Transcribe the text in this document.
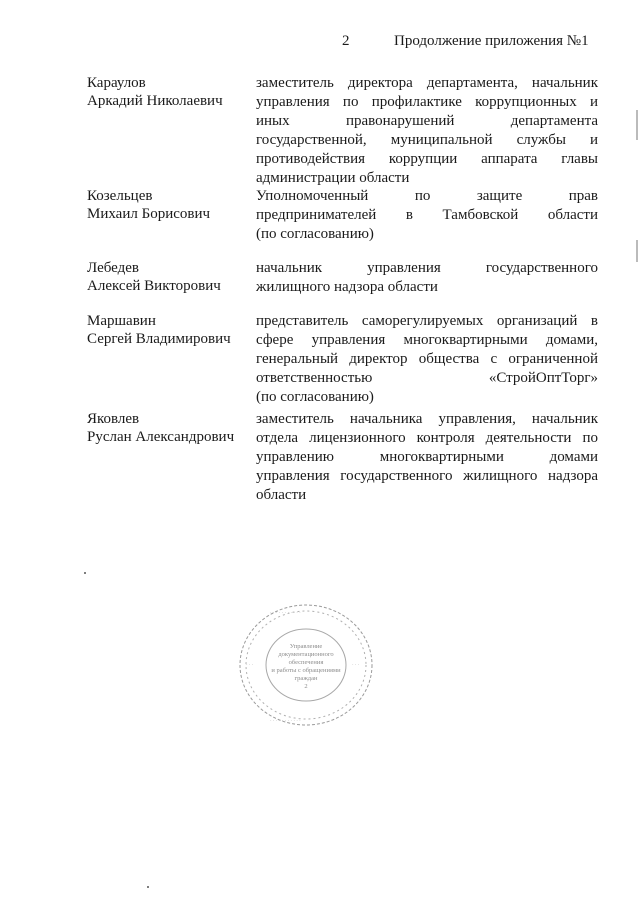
2	Продолжение приложения №1
Караулов
Аркадий Николаевич
заместитель директора департамента, начальник
управления по профилактике коррупционных и
иных правонарушений департамента
государственной, муниципальной службы и
противодействия коррупции аппарата главы
администрации области
Козельцев
Михаил Борисович
Уполномоченный по защите прав
предпринимателей в Тамбовской области
(по согласованию)
Лебедев
Алексей Викторович
начальник управления государственного
жилищного надзора области
Маршавин
Сергей Владимирович
представитель саморегулируемых организаций в
сфере управления многоквартирными домами,
генеральный директор общества с ограниченной
ответственностью «СтройОптТорг»
(по согласованию)
Яковлев
Руслан Александрович
заместитель начальника управления, начальник
отдела лицензионного контроля деятельности по
управлению многоквартирными домами
управления государственного жилищного надзора
области
· · · · · · · · · · ·
· · ·	· · ·
· · · · · · · · · · ·
Управление
документационного
обеспечения
и работы с обращениями
граждан
2
